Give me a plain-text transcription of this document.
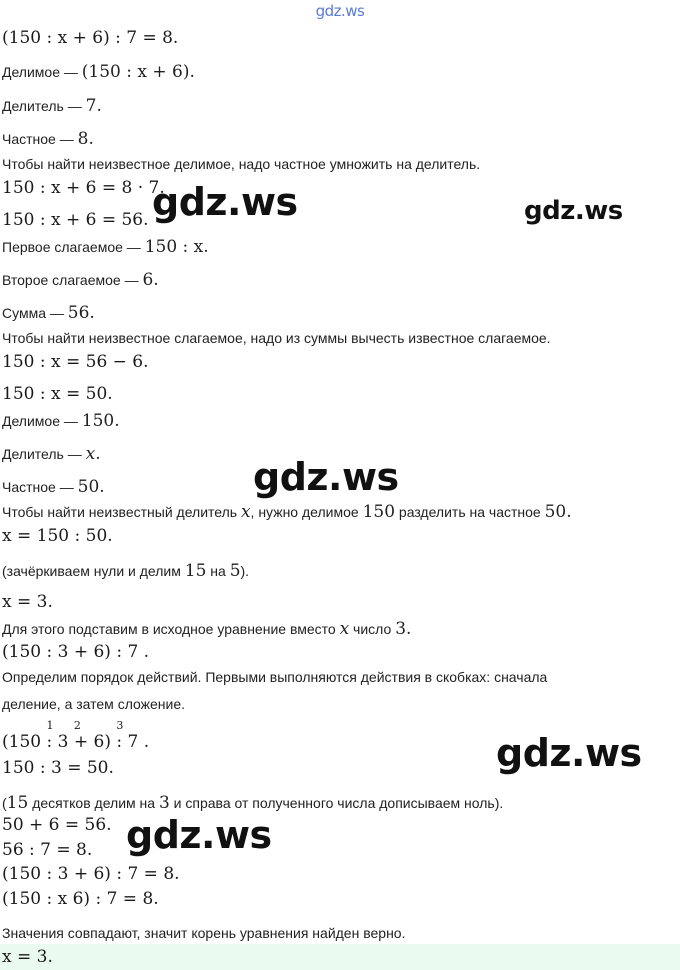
gdz.ws
gdz.ws	gdz.ws
gdz.ws
gdz.ws
gdz.ws
(150 : x + 6) : 7 = 8.
Делимое — (150 : x + 6).
Делитель — 7.
Частное — 8.
Чтобы найти неизвестное делимое, надо частное умножить на делитель.
150 : x + 6 = 8 · 7.
150 : x + 6 = 56.
Первое слагаемое — 150 : x.
Второе слагаемое — 6.
Сумма — 56.
Чтобы найти неизвестное слагаемое, надо из суммы вычесть известное слагаемое.
150 : x = 56 − 6.
150 : x = 50.
Делимое — 150.
Делитель — x.
Частное — 50.
Чтобы найти неизвестный делитель x, нужно делимое 150 разделить на частное 50.
x = 150 : 50.
(зачёркиваем нули и делим 15 на 5).
x = 3.
Для этого подставим в исходное уравнение вместо x число 3.
(150 : 3 + 6) : 7 .
Определим порядок действий. Первыми выполняются действия в скобках: сначала
деление, а затем сложение.
(150
1
: 3
2
+ 6)
3
: 7 .
150 : 3 = 50.
(15 десятков делим на 3 и справа от полученного числа дописываем ноль).
50 + 6 = 56.
56 : 7 = 8.
(150 : 3 + 6) : 7 = 8.
(150 : x 6) : 7 = 8.
Значения совпадают, значит корень уравнения найден верно.
x = 3.
